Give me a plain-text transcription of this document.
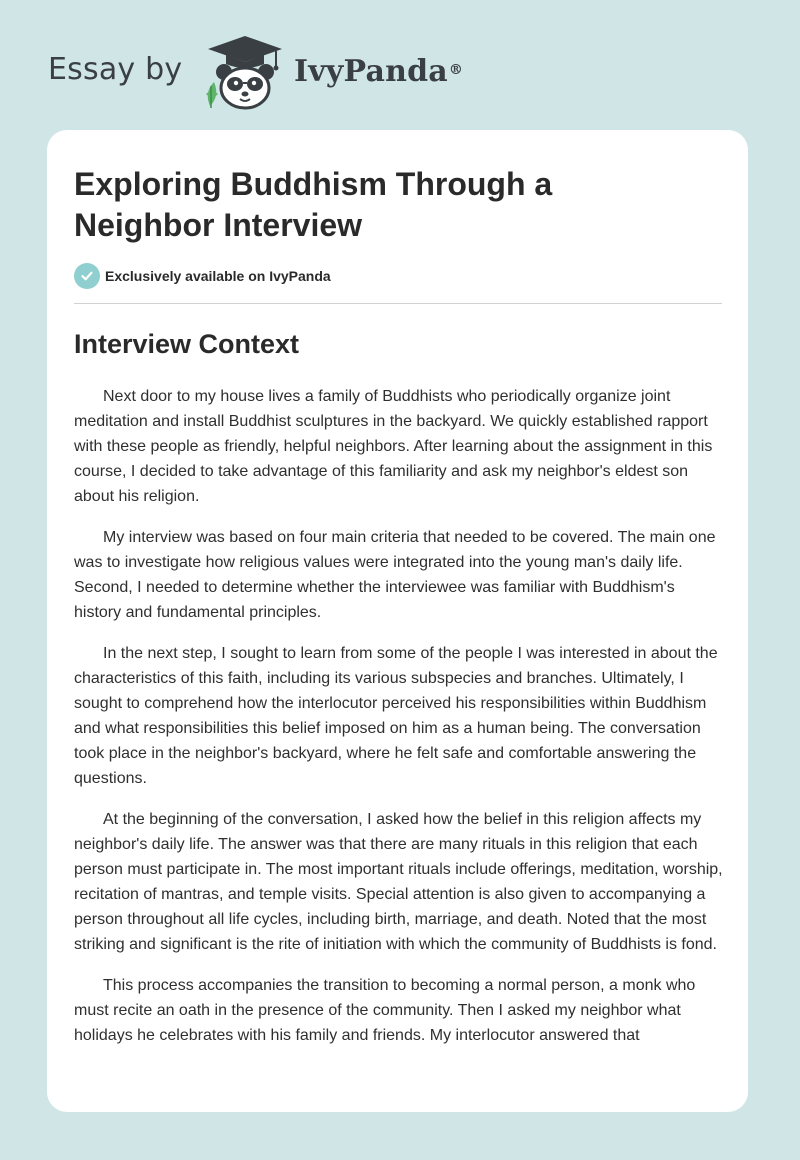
Essay by	IvyPanda®
Exploring Buddhism Through a Neighbor Interview
Exclusively available on IvyPanda
Interview Context

Next door to my house lives a family of Buddhists who periodically organize joint meditation and install Buddhist sculptures in the backyard. We quickly established rapport with these people as friendly, helpful neighbors. After learning about the assignment in this course, I decided to take advantage of this familiarity and ask my neighbor's eldest son about his religion.

My interview was based on four main criteria that needed to be covered. The main one was to investigate how religious values were integrated into the young man's daily life. Second, I needed to determine whether the interviewee was familiar with Buddhism's history and fundamental principles.

In the next step, I sought to learn from some of the people I was interested in about the characteristics of this faith, including its various subspecies and branches. Ultimately, I sought to comprehend how the interlocutor perceived his responsibilities within Buddhism and what responsibilities this belief imposed on him as a human being. The conversation took place in the neighbor's backyard, where he felt safe and comfortable answering the questions.

At the beginning of the conversation, I asked how the belief in this religion affects my neighbor's daily life. The answer was that there are many rituals in this religion that each person must participate in. The most important rituals include offerings, meditation, worship, recitation of mantras, and temple visits. Special attention is also given to accompanying a person throughout all life cycles, including birth, marriage, and death. Noted that the most striking and significant is the rite of initiation with which the community of Buddhists is fond.

This process accompanies the transition to becoming a normal person, a monk who must recite an oath in the presence of the community. Then I asked my neighbor what holidays he celebrates with his family and friends. My interlocutor answered that
